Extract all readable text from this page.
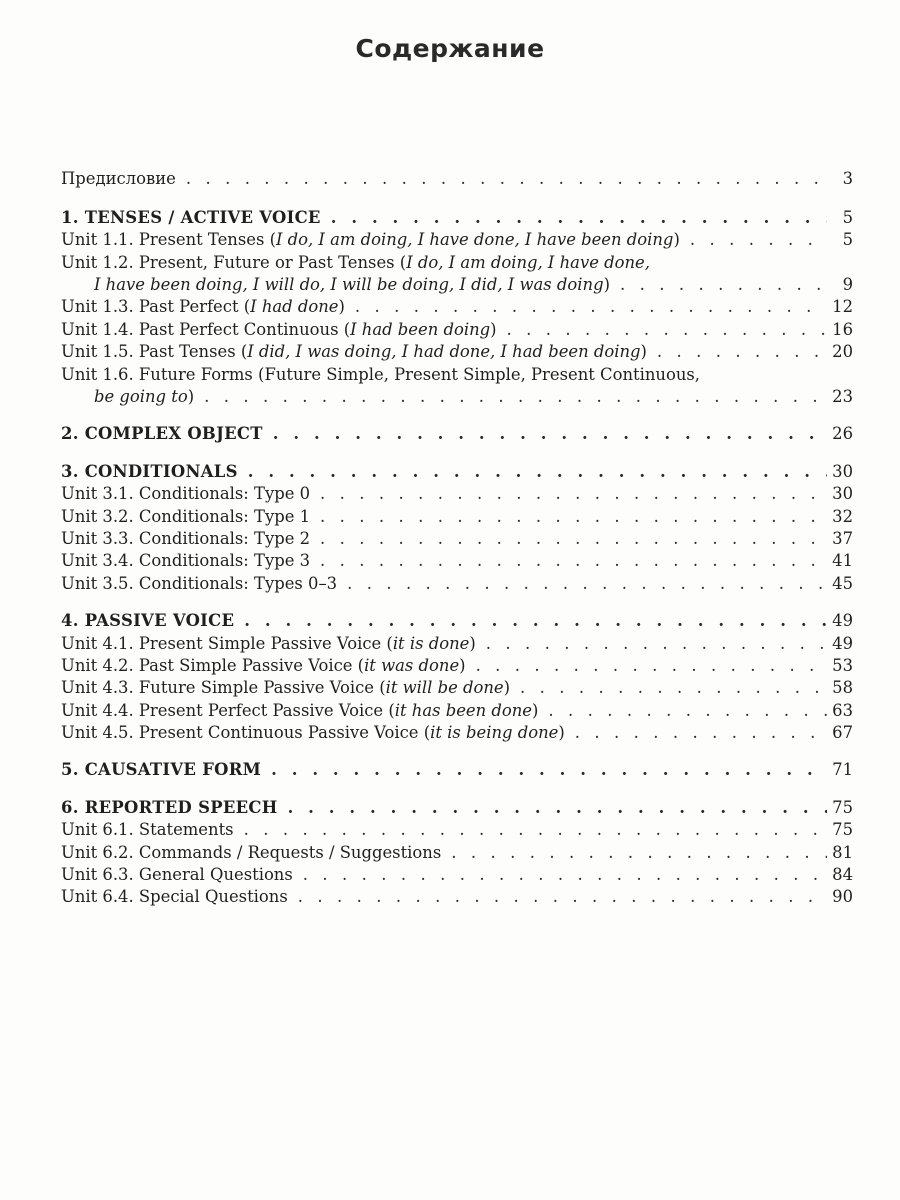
Содержание
Предисловие . . .	3
1. TENSES / ACTIVE VOICE . . .	5
Unit 1.1. Present Tenses (I do, I am doing, I have done, I have been doing) . . .	5
Unit 1.2. Present, Future or Past Tenses (I do, I am doing, I have done,
I have been doing, I will do, I will be doing, I did, I was doing) . . .	9
Unit 1.3. Past Perfect (I had done) . . .	12
Unit 1.4. Past Perfect Continuous (I had been doing) . . .	16
Unit 1.5. Past Tenses (I did, I was doing, I had done, I had been doing) . . .	20
Unit 1.6. Future Forms (Future Simple, Present Simple, Present Continuous,
be going to) . . .	23
2. COMPLEX OBJECT . . .	26
3. CONDITIONALS . . .	30
Unit 3.1. Conditionals: Type 0 . . .	30
Unit 3.2. Conditionals: Type 1 . . .	32
Unit 3.3. Conditionals: Type 2 . . .	37
Unit 3.4. Conditionals: Type 3 . . .	41
Unit 3.5. Conditionals: Types 0–3 . . .	45
4. PASSIVE VOICE . . .	49
Unit 4.1. Present Simple Passive Voice (it is done) . . .	49
Unit 4.2. Past Simple Passive Voice (it was done) . . .	53
Unit 4.3. Future Simple Passive Voice (it will be done) . . .	58
Unit 4.4. Present Perfect Passive Voice (it has been done) . . .	63
Unit 4.5. Present Continuous Passive Voice (it is being done) . . .	67
5. CAUSATIVE FORM . . .	71
6. REPORTED SPEECH . . .	75
Unit 6.1. Statements . . .	75
Unit 6.2. Commands / Requests / Suggestions . . .	81
Unit 6.3. General Questions . . .	84
Unit 6.4. Special Questions . . .	90
